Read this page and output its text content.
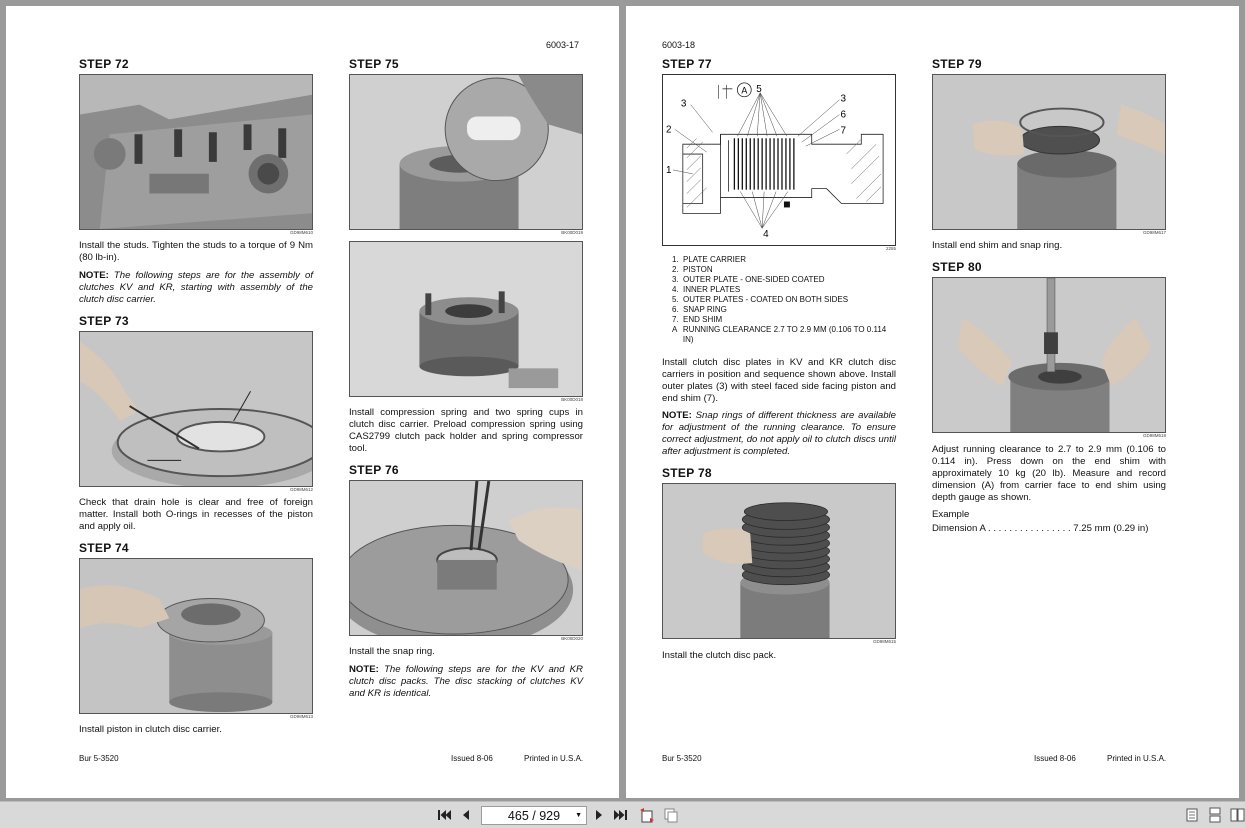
6003-17
STEP 72
GD98M610
Install the studs. Tighten the studs to a torque of 9 Nm (80 lb-in).
NOTE: The following steps are for the assembly of clutches KV and KR, starting with assembly of the clutch disc carrier.
STEP 73
GD98M612
Check that drain hole is clear and free of foreign matter. Install both O-rings in recesses of the piston and apply oil.
STEP 74
GD98M613
Install piston in clutch disc carrier.
STEP 75
BK00D019
BK00D018
Install compression spring and two spring cups in clutch disc carrier. Preload compression spring using CAS2799 clutch pack holder and spring compressor tool.
STEP 76
BK00D020
Install the snap ring.
NOTE: The following steps are for the KV and KR clutch disc packs. The disc stacking of clutches KV and KR is identical.
Bur 5-3520	Issued 8-06	Printed in U.S.A.
6003-18
STEP 77
A 5
3	3
6
2	7
1
4
2255
1. PLATE CARRIER
2. PISTON
3. OUTER PLATE - ONE-SIDED COATED
4. INNER PLATES
5. OUTER PLATES - COATED ON BOTH SIDES
6. SNAP RING
7. END SHIM
A RUNNING CLEARANCE 2.7 TO 2.9 MM (0.106 TO 0.114 IN)
Install clutch disc plates in KV and KR clutch disc carriers in position and sequence shown above. Install outer plates (3) with steel faced side facing piston and end shim (7).
NOTE: Snap rings of different thickness are available for adjustment of the running clearance. To ensure correct adjustment, do not apply oil to clutch discs until after adjustment is completed.
STEP 78
GD98M615
Install the clutch disc pack.
STEP 79
GD98M617
Install end shim and snap ring.
STEP 80
GD98M618
Adjust running clearance to 2.7 to 2.9 mm (0.106 to 0.114 in). Press down on the end shim with approximately 10 kg (20 lb). Measure and record dimension (A) from carrier face to end shim using depth gauge as shown.
Example
Dimension A . . . . . . . . . . . . . . . . 7.25 mm (0.29 in)
Bur 5-3520	Issued 8-06	Printed in U.S.A.
465 / 929 ▼
